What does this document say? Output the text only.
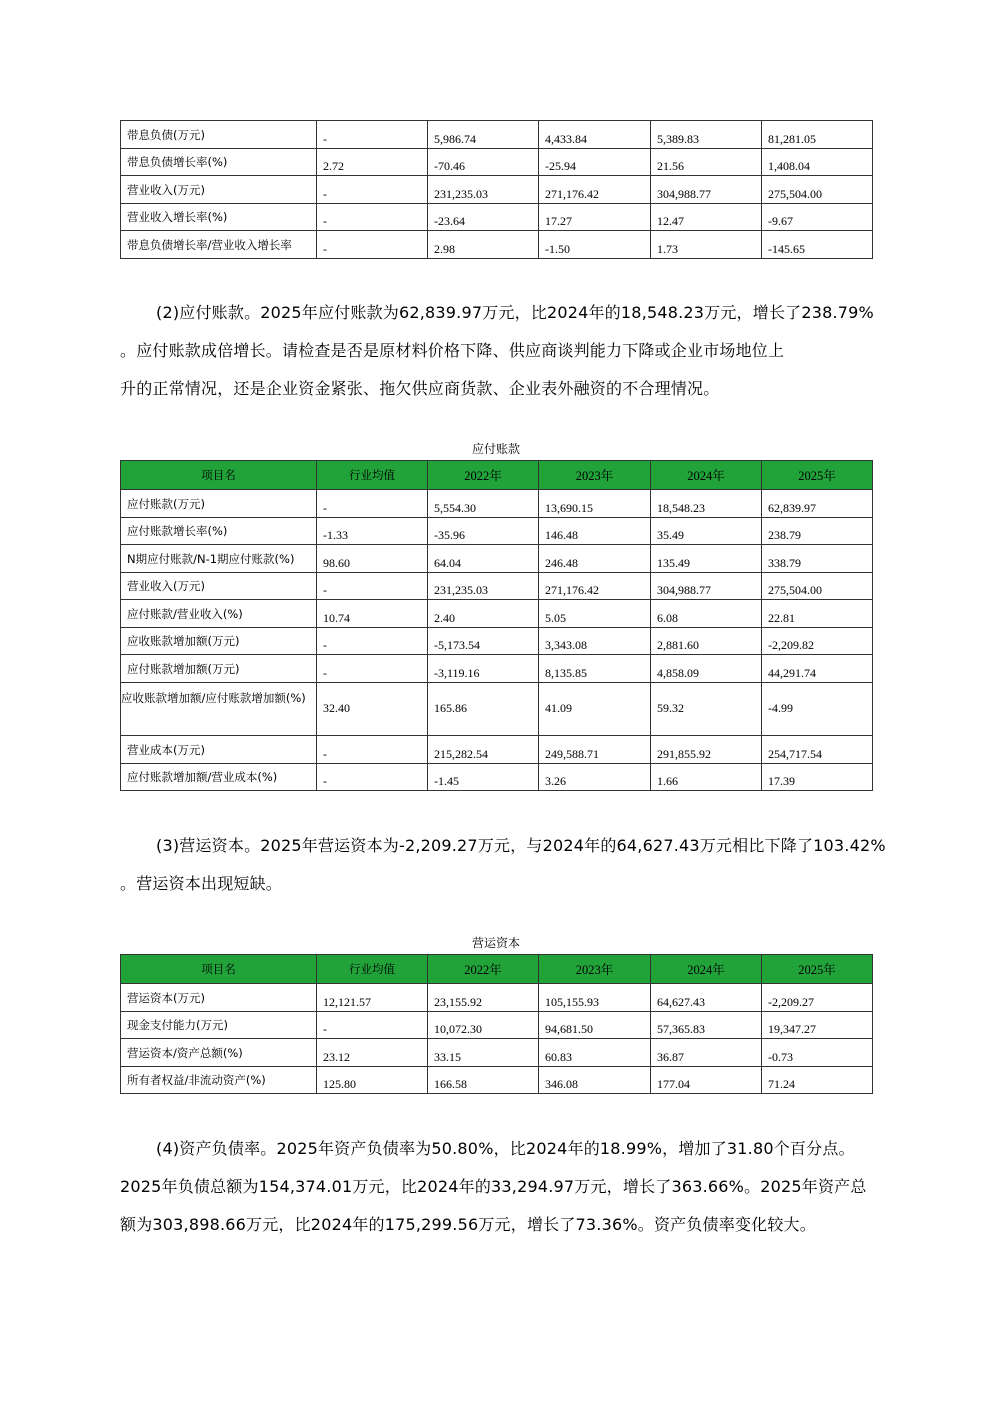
带息负债(万元)	-	5,986.74	4,433.84	5,389.83	81,281.05
带息负债增长率(%)	2.72	-70.46	-25.94	21.56	1,408.04
营业收入(万元)	-	231,235.03	271,176.42	304,988.77	275,504.00
营业收入增长率(%)	-	-23.64	17.27	12.47	-9.67
带息负债增长率/营业收入增长率	-	2.98	-1.50	1.73	-145.65

(2)应付账款。2025年应付账款为62,839.97万元，比2024年的18,548.23万元，增长了238.79%

。应付账款成倍增长。请检查是否是原材料价格下降、供应商谈判能力下降或企业市场地位上

升的正常情况，还是企业资金紧张、拖欠供应商货款、企业表外融资的不合理情况。

应付账款
项目名	行业均值	2022年	2023年	2024年	2025年
应付账款(万元)	-	5,554.30	13,690.15	18,548.23	62,839.97
应付账款增长率(%)	-1.33	-35.96	146.48	35.49	238.79
N期应付账款/N-1期应付账款(%)	98.60	64.04	246.48	135.49	338.79
营业收入(万元)	-	231,235.03	271,176.42	304,988.77	275,504.00
应付账款/营业收入(%)	10.74	2.40	5.05	6.08	22.81
应收账款增加额(万元)	-	-5,173.54	3,343.08	2,881.60	-2,209.82
应付账款增加额(万元)	-	-3,119.16	8,135.85	4,858.09	44,291.74
应收账款增加额/应付账款增加额(%)	32.40	165.86	41.09	59.32	-4.99
营业成本(万元)	-	215,282.54	249,588.71	291,855.92	254,717.54
应付账款增加额/营业成本(%)	-	-1.45	3.26	1.66	17.39

(3)营运资本。2025年营运资本为-2,209.27万元，与2024年的64,627.43万元相比下降了103.42%

。营运资本出现短缺。

营运资本
项目名	行业均值	2022年	2023年	2024年	2025年
营运资本(万元)	12,121.57	23,155.92	105,155.93	64,627.43	-2,209.27
现金支付能力(万元)	-	10,072.30	94,681.50	57,365.83	19,347.27
营运资本/资产总额(%)	23.12	33.15	60.83	36.87	-0.73
所有者权益/非流动资产(%)	125.80	166.58	346.08	177.04	71.24

(4)资产负债率。2025年资产负债率为50.80%，比2024年的18.99%，增加了31.80个百分点。

2025年负债总额为154,374.01万元，比2024年的33,294.97万元，增长了363.66%。2025年资产总

额为303,898.66万元，比2024年的175,299.56万元，增长了73.36%。资产负债率变化较大。
